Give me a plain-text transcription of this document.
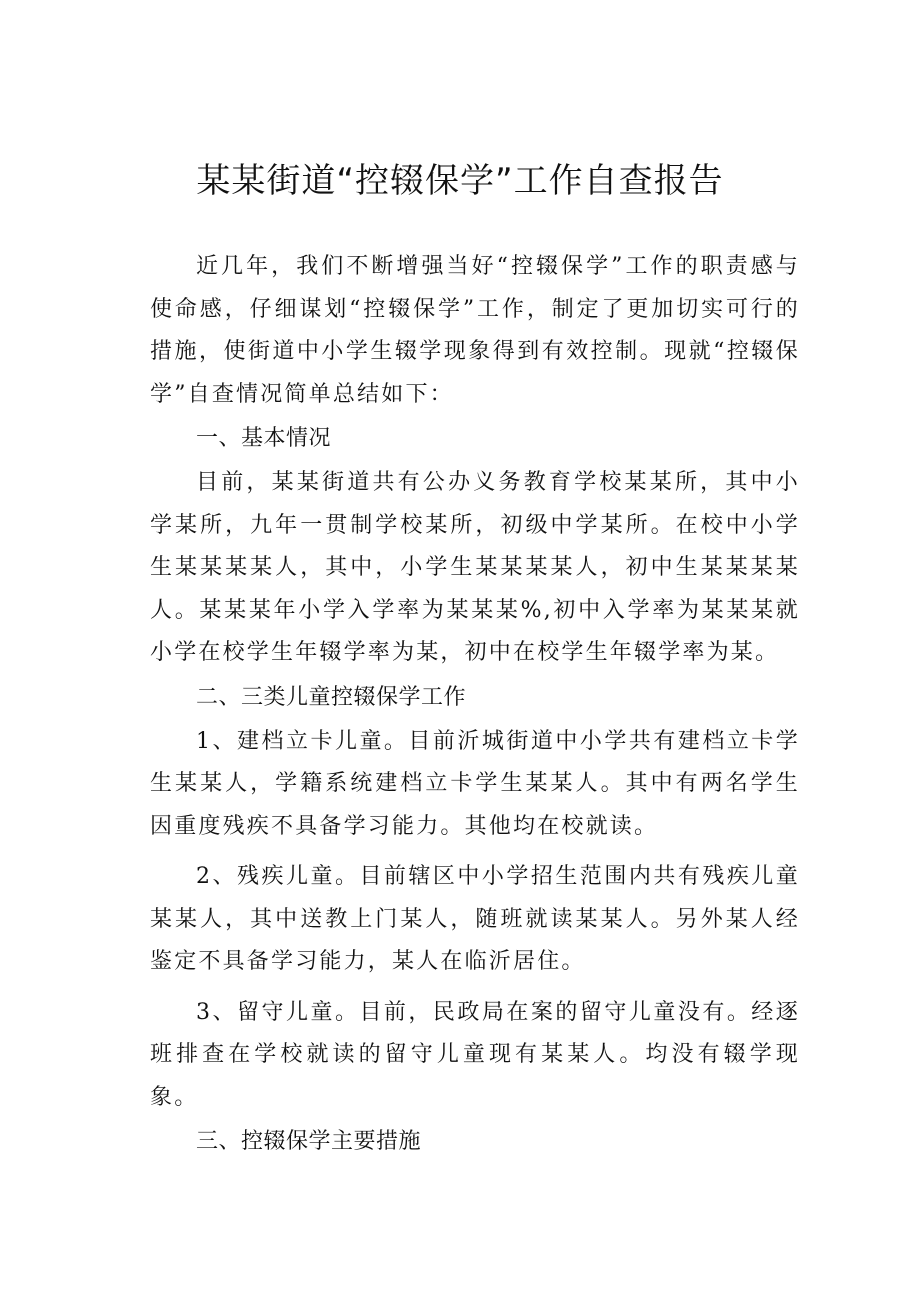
某某街道“控辍保学”工作自查报告

近几年，我们不断增强当好“控辍保学”工作的职责感与使命感，仔细谋划“控辍保学”工作，制定了更加切实可行的措施，使街道中小学生辍学现象得到有效控制。现就“控辍保学”自查情况简单总结如下：

一、基本情况

目前，某某街道共有公办义务教育学校某某所，其中小学某所，九年一贯制学校某所，初级中学某所。在校中小学生某某某某人，其中，小学生某某某某人，初中生某某某某人。某某某年小学入学率为某某某%,初中入学率为某某某就小学在校学生年辍学率为某，初中在校学生年辍学率为某。

二、三类儿童控辍保学工作

1、建档立卡儿童。目前沂城街道中小学共有建档立卡学生某某人，学籍系统建档立卡学生某某人。其中有两名学生因重度残疾不具备学习能力。其他均在校就读。

2、残疾儿童。目前辖区中小学招生范围内共有残疾儿童某某人，其中送教上门某人，随班就读某某人。另外某人经鉴定不具备学习能力，某人在临沂居住。

3、留守儿童。目前，民政局在案的留守儿童没有。经逐班排查在学校就读的留守儿童现有某某人。均没有辍学现象。

三、控辍保学主要措施
